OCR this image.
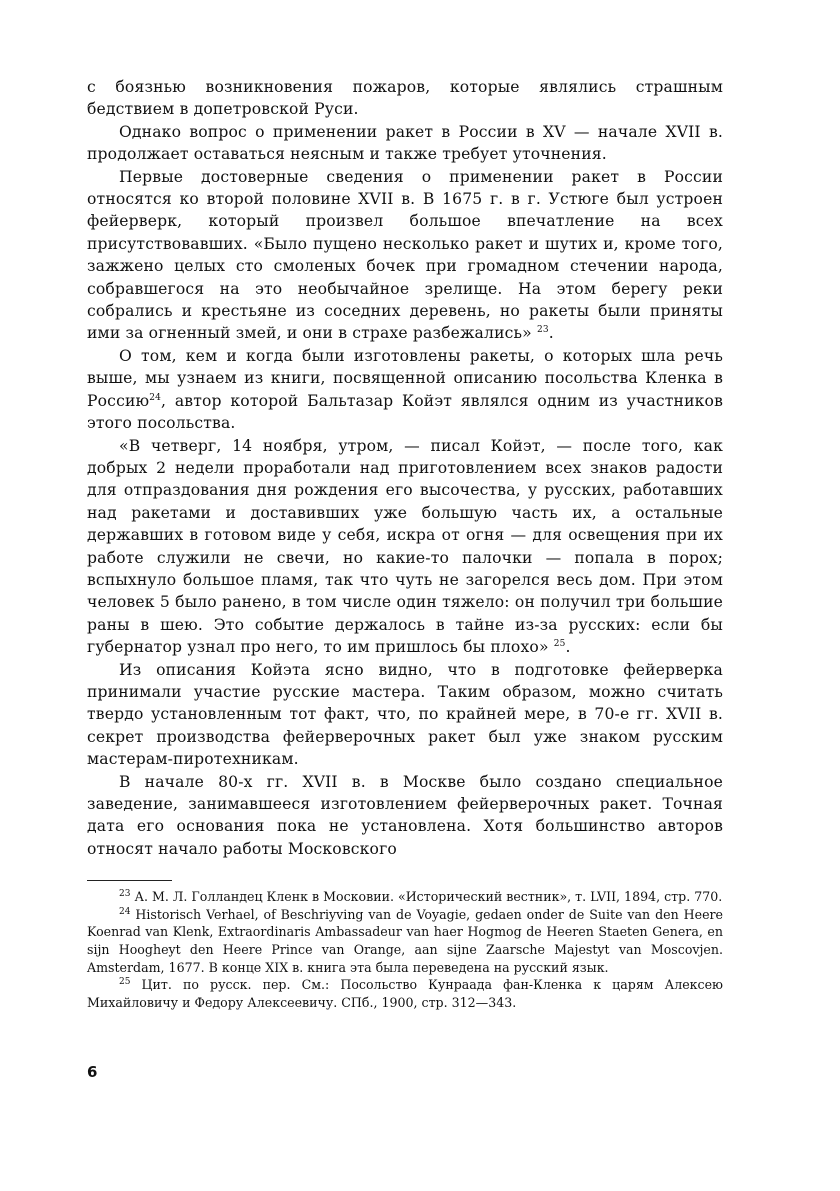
с боязнью возникновения пожаров, которые являлись страшным бедствием в допетровской Руси.

Однако вопрос о применении ракет в России в XV — начале XVII в. продолжает оставаться неясным и также требует уточнения.

Первые достоверные сведения о применении ракет в России относятся ко второй половине XVII в. В 1675 г. в г. Устюге был устроен фейерверк, который произвел большое впечатление на всех присутствовавших. «Было пущено несколько ракет и шутих и, кроме того, зажжено целых сто смоленых бочек при громадном стечении народа, собравшегося на это необычайное зрелище. На этом берегу реки собрались и крестьяне из соседних деревень, но ракеты были приняты ими за огненный змей, и они в страхе разбежались» $^{23}$.

О том, кем и когда были изготовлены ракеты, о которых шла речь выше, мы узнаем из книги, посвященной описанию посольства Кленка в Россию$^{24}$, автор которой Бальтазар Койэт являлся одним из участников этого посольства.

«В четверг, 14 ноября, утром, — писал Койэт, — после того, как добрых 2 недели проработали над приготовлением всех знаков радости для отпраздования дня рождения его высочества, у русских, работавших над ракетами и доставивших уже большую часть их, а остальные державших в готовом виде у себя, искра от огня — для освещения при их работе служили не свечи, но какие-то палочки — попала в порох; вспыхнуло большое пламя, так что чуть не загорелся весь дом. При этом человек 5 было ранено, в том числе один тяжело: он получил три большие раны в шею. Это событие держалось в тайне из-за русских: если бы губернатор узнал про него, то им пришлось бы плохо» $^{25}$.

Из описания Койэта ясно видно, что в подготовке фейерверка принимали участие русские мастера. Таким образом, можно считать твердо установленным тот факт, что, по крайней мере, в 70-е гг. XVII в. секрет производства фейерверочных ракет был уже знаком русским мастерам-пиротехникам.

В начале 80-х гг. XVII в. в Москве было создано специальное заведение, занимавшееся изготовлением фейерверочных ракет. Точная дата его основания пока не установлена. Хотя большинство авторов относят начало работы Московского

$^{23}$ А. М. Л. Голландец Кленк в Московии. «Исторический вестник», т. LVII, 1894, стр. 770.

$^{24}$ Historisch Verhael, of Beschriyving van de Voyagie, gedaen onder de Suite van den Heere Koenrad van Klenk, Extraordinaris Ambassadeur van haer Hogmog de Heeren Staeten Genera, en sijn Hoogheyt den Heere Prince van Orange, aan sijne Zaarsche Majestyt van Moscovjen. Amsterdam, 1677. В конце XIX в. книга эта была переведена на русский язык.

$^{25}$ Цит. по русск. пер. См.: Посольство Кунраада фан-Кленка к царям Алексею Михайловичу и Федору Алексеевичу. СПб., 1900, стр. 312—343.

6
